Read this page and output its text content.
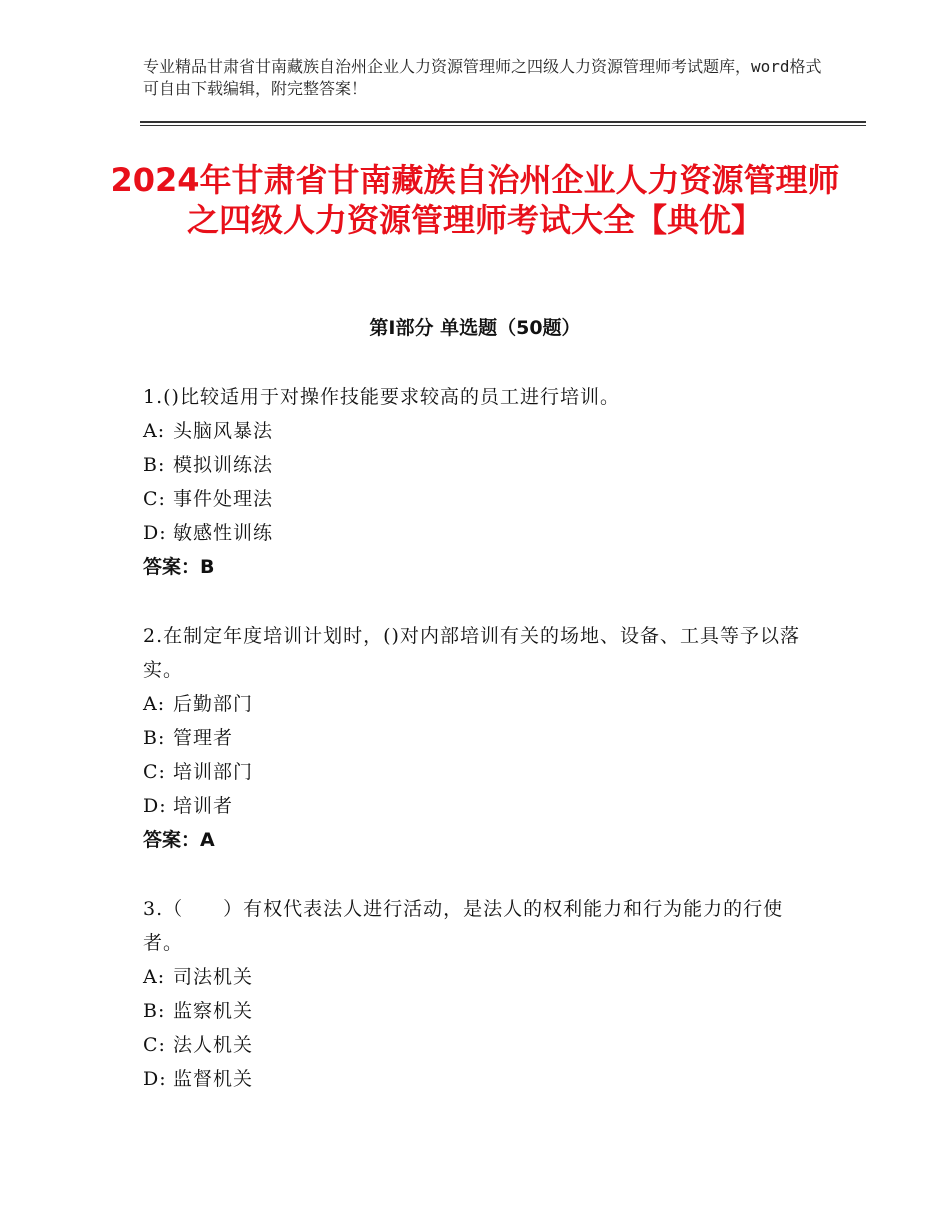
专业精品甘肃省甘南藏族自治州企业人力资源管理师之四级人力资源管理师考试题库，word格式可自由下载编辑，附完整答案！
2024年甘肃省甘南藏族自治州企业人力资源管理师之四级人力资源管理师考试大全【典优】
第Ⅰ部分 单选题（50题）
1.()比较适用于对操作技能要求较高的员工进行培训。
A: 头脑风暴法
B: 模拟训练法
C: 事件处理法
D: 敏感性训练
答案：B
2.在制定年度培训计划时，()对内部培训有关的场地、设备、工具等予以落实。
A: 后勤部门
B: 管理者
C: 培训部门
D: 培训者
答案：A
3.（　　）有权代表法人进行活动，是法人的权利能力和行为能力的行使者。
A: 司法机关
B: 监察机关
C: 法人机关
D: 监督机关
